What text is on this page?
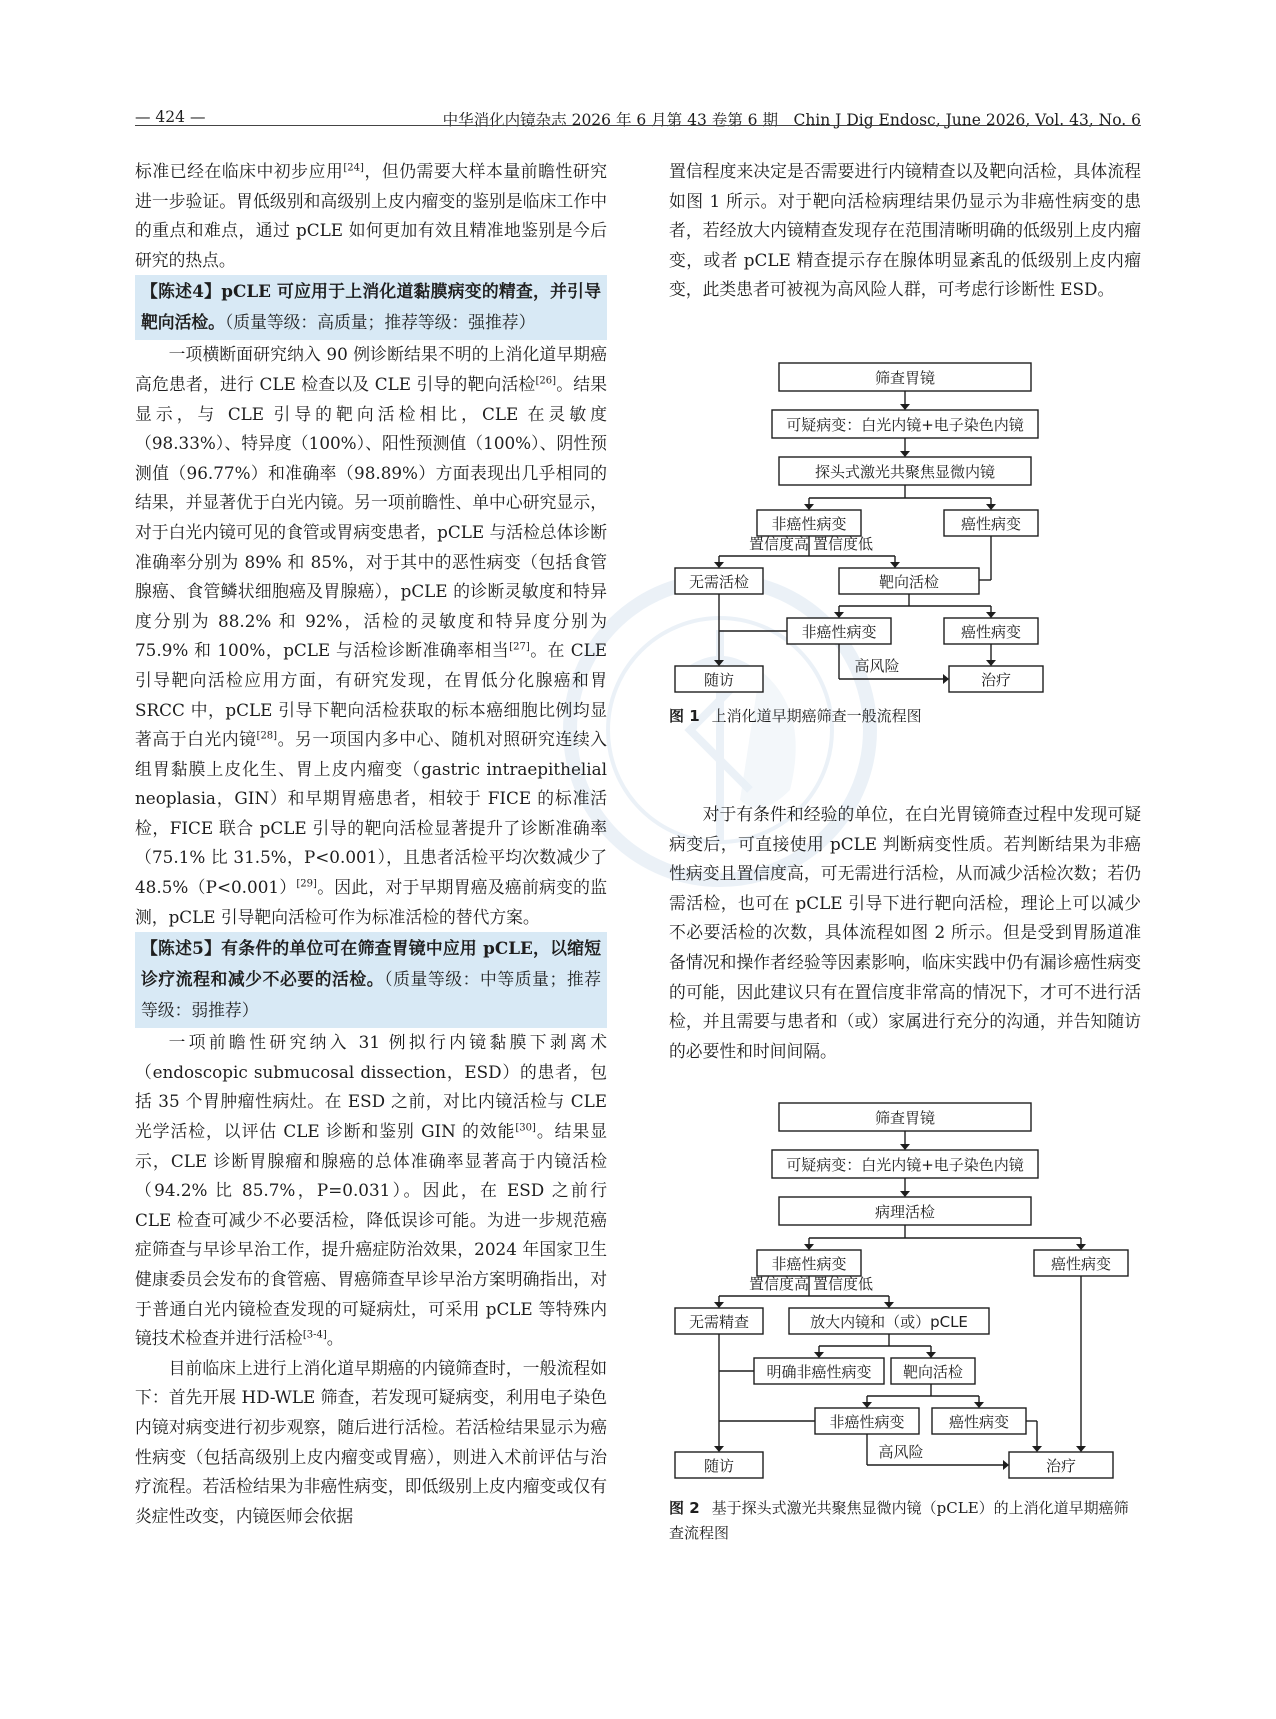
— 424 —	中华消化内镜杂志 2026 年 6 月第 43 卷第 6 期　Chin J Dig Endosc, June 2026, Vol. 43, No. 6

标准已经在临床中初步应用[24]，但仍需要大样本量前瞻性研究进一步验证。胃低级别和高级别上皮内瘤变的鉴别是临床工作中的重点和难点，通过 pCLE 如何更加有效且精准地鉴别是今后研究的热点。

【陈述4】pCLE 可应用于上消化道黏膜病变的精查，并引导靶向活检。（质量等级：高质量；推荐等级：强推荐）

一项横断面研究纳入 90 例诊断结果不明的上消化道早期癌高危患者，进行 CLE 检查以及 CLE 引导的靶向活检[26]。结果显示，与 CLE 引导的靶向活检相比，CLE 在灵敏度（98.33%）、特异度（100%）、阳性预测值（100%）、阴性预测值（96.77%）和准确率（98.89%）方面表现出几乎相同的结果，并显著优于白光内镜。另一项前瞻性、单中心研究显示，对于白光内镜可见的食管或胃病变患者，pCLE 与活检总体诊断准确率分别为 89% 和 85%，对于其中的恶性病变（包括食管腺癌、食管鳞状细胞癌及胃腺癌），pCLE 的诊断灵敏度和特异度分别为 88.2% 和 92%，活检的灵敏度和特异度分别为 75.9% 和 100%，pCLE 与活检诊断准确率相当[27]。在 CLE 引导靶向活检应用方面，有研究发现，在胃低分化腺癌和胃 SRCC 中，pCLE 引导下靶向活检获取的标本癌细胞比例均显著高于白光内镜[28]。另一项国内多中心、随机对照研究连续入组胃黏膜上皮化生、胃上皮内瘤变（gastric intraepithelial neoplasia，GIN）和早期胃癌患者，相较于 FICE 的标准活检，FICE 联合 pCLE 引导的靶向活检显著提升了诊断准确率（75.1% 比 31.5%，P<0.001），且患者活检平均次数减少了 48.5%（P<0.001）[29]。因此，对于早期胃癌及癌前病变的监测，pCLE 引导靶向活检可作为标准活检的替代方案。

【陈述5】有条件的单位可在筛查胃镜中应用 pCLE，以缩短诊疗流程和减少不必要的活检。（质量等级：中等质量；推荐等级：弱推荐）

一项前瞻性研究纳入 31 例拟行内镜黏膜下剥离术（endoscopic submucosal dissection，ESD）的患者，包括 35 个胃肿瘤性病灶。在 ESD 之前，对比内镜活检与 CLE 光学活检，以评估 CLE 诊断和鉴别 GIN 的效能[30]。结果显示，CLE 诊断胃腺瘤和腺癌的总体准确率显著高于内镜活检（94.2% 比 85.7%，P=0.031）。因此，在 ESD 之前行 CLE 检查可减少不必要活检，降低误诊可能。为进一步规范癌症筛查与早诊早治工作，提升癌症防治效果，2024 年国家卫生健康委员会发布的食管癌、胃癌筛查早诊早治方案明确指出，对于普通白光内镜检查发现的可疑病灶，可采用 pCLE 等特殊内镜技术检查并进行活检[3-4]。

目前临床上进行上消化道早期癌的内镜筛查时，一般流程如下：首先开展 HD-WLE 筛查，若发现可疑病变，利用电子染色内镜对病变进行初步观察，随后进行活检。若活检结果显示为癌性病变（包括高级别上皮内瘤变或胃癌），则进入术前评估与治疗流程。若活检结果为非癌性病变，即低级别上皮内瘤变或仅有炎症性改变，内镜医师会依据

置信程度来决定是否需要进行内镜精查以及靶向活检，具体流程如图 1 所示。对于靶向活检病理结果仍显示为非癌性病变的患者，若经放大内镜精查发现存在范围清晰明确的低级别上皮内瘤变，或者 pCLE 精查提示存在腺体明显紊乱的低级别上皮内瘤变，此类患者可被视为高风险人群，可考虑行诊断性 ESD。

筛查胃镜
可疑病变：白光内镜+电子染色内镜
探头式激光共聚焦显微内镜
非癌性病变	癌性病变
置信度高 置信度低
无需活检	靶向活检
非癌性病变	癌性病变
高风险
随访	治疗
图 1 上消化道早期癌筛查一般流程图

对于有条件和经验的单位，在白光胃镜筛查过程中发现可疑病变后，可直接使用 pCLE 判断病变性质。若判断结果为非癌性病变且置信度高，可无需进行活检，从而减少活检次数；若仍需活检，也可在 pCLE 引导下进行靶向活检，理论上可以减少不必要活检的次数，具体流程如图 2 所示。但是受到胃肠道准备情况和操作者经验等因素影响，临床实践中仍有漏诊癌性病变的可能，因此建议只有在置信度非常高的情况下，才可不进行活检，并且需要与患者和（或）家属进行充分的沟通，并告知随访的必要性和时间间隔。

筛查胃镜
可疑病变：白光内镜+电子染色内镜
病理活检
非癌性病变	癌性病变
置信度高 置信度低
无需精查	放大内镜和（或）pCLE
明确非癌性病变 靶向活检
非癌性病变	癌性病变
高风险
随访	治疗
图 2 基于探头式激光共聚焦显微内镜（pCLE）的上消化道早期癌筛查流程图
